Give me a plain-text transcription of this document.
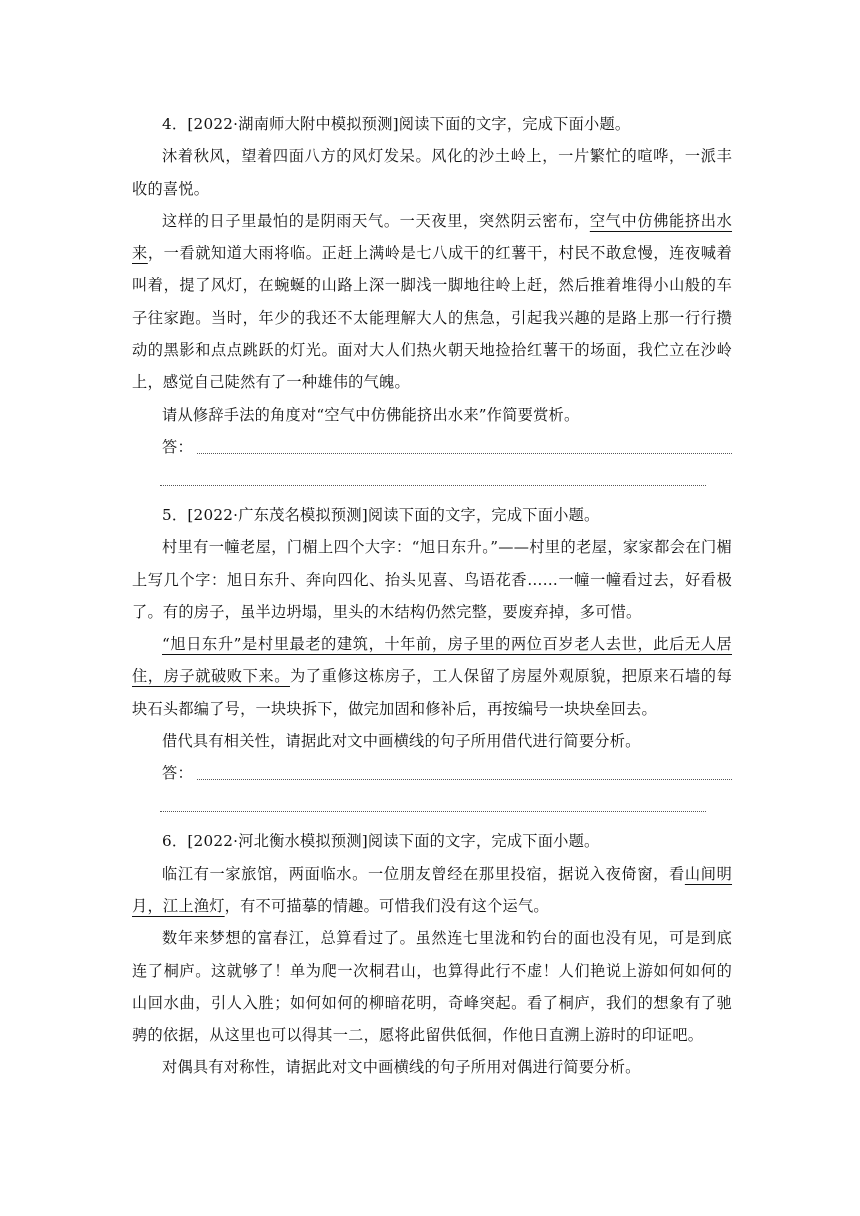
4．[2022·湖南师大附中模拟预测]阅读下面的文字，完成下面小题。

沐着秋风，望着四面八方的风灯发呆。风化的沙土岭上，一片繁忙的喧哗，一派丰收的喜悦。

这样的日子里最怕的是阴雨天气。一天夜里，突然阴云密布，空气中仿佛能挤出水来，一看就知道大雨将临。正赶上满岭是七八成干的红薯干，村民不敢怠慢，连夜喊着叫着，提了风灯，在蜿蜒的山路上深一脚浅一脚地往岭上赶，然后推着堆得小山般的车子往家跑。当时，年少的我还不太能理解大人的焦急，引起我兴趣的是路上那一行行攒动的黑影和点点跳跃的灯光。面对大人们热火朝天地捡拾红薯干的场面，我伫立在沙岭上，感觉自己陡然有了一种雄伟的气魄。

请从修辞手法的角度对“空气中仿佛能挤出水来”作简要赏析。

答：

5．[2022·广东茂名模拟预测]阅读下面的文字，完成下面小题。

村里有一幢老屋，门楣上四个大字：“旭日东升。”——村里的老屋，家家都会在门楣上写几个字：旭日东升、奔向四化、抬头见喜、鸟语花香……一幢一幢看过去，好看极了。有的房子，虽半边坍塌，里头的木结构仍然完整，要废弃掉，多可惜。

“旭日东升”是村里最老的建筑，十年前，房子里的两位百岁老人去世，此后无人居住，房子就破败下来。为了重修这栋房子，工人保留了房屋外观原貌，把原来石墙的每块石头都编了号，一块块拆下，做完加固和修补后，再按编号一块块垒回去。

借代具有相关性，请据此对文中画横线的句子所用借代进行简要分析。

答：

6．[2022·河北衡水模拟预测]阅读下面的文字，完成下面小题。

临江有一家旅馆，两面临水。一位朋友曾经在那里投宿，据说入夜倚窗，看山间明月，江上渔灯，有不可描摹的情趣。可惜我们没有这个运气。

数年来梦想的富春江，总算看过了。虽然连七里泷和钓台的面也没有见，可是到底连了桐庐。这就够了！单为爬一次桐君山，也算得此行不虚！人们艳说上游如何如何的山回水曲，引人入胜；如何如何的柳暗花明，奇峰突起。看了桐庐，我们的想象有了驰骋的依据，从这里也可以得其一二，愿将此留供低徊，作他日直溯上游时的印证吧。

对偶具有对称性，请据此对文中画横线的句子所用对偶进行简要分析。
